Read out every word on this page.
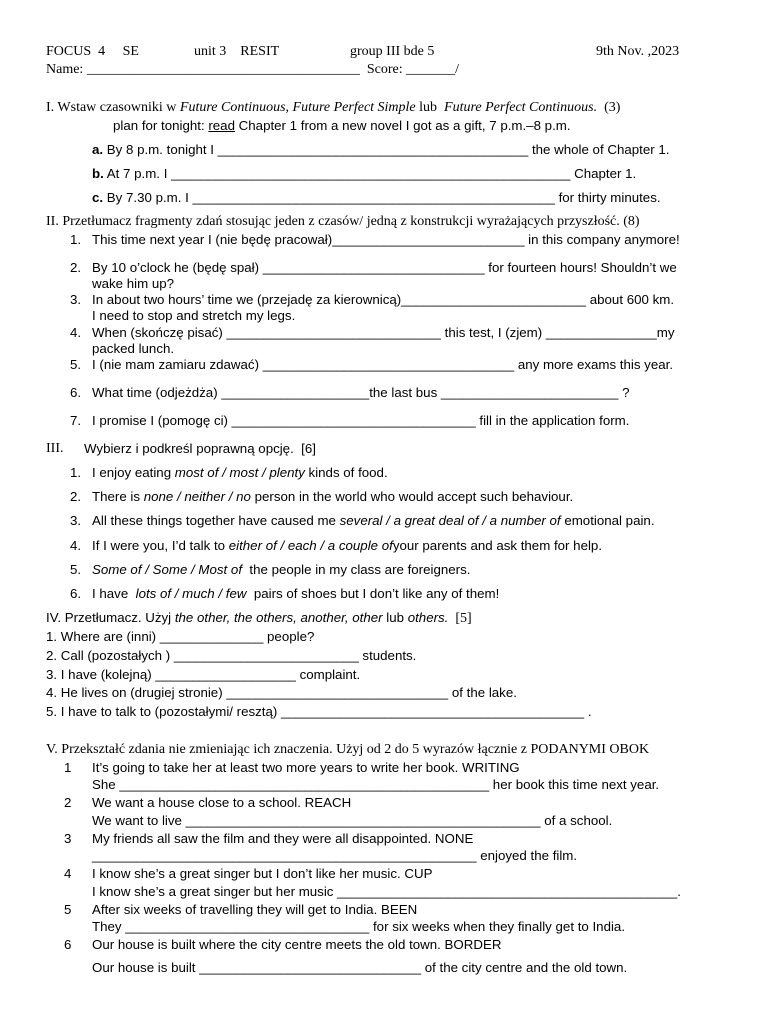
FOCUS  4     SE	unit 3    RESIT	group III bde 5	9th Nov. ,2023
Name: _______________________________________  Score: _______/
I. Wstaw czasowniki w Future Continuous, Future Perfect Simple lub  Future Perfect Continuous.  (3)
plan for tonight: read Chapter 1 from a new novel I got as a gift, 7 p.m.–8 p.m.
a. By 8 p.m. tonight I __________________________________________ the whole of Chapter 1.
b. At 7 p.m. I ______________________________________________________ Chapter 1.
c. By 7.30 p.m. I _________________________________________________ for thirty minutes.
II. Przetłumacz fragmenty zdań stosując jeden z czasów/ jedną z konstrukcji wyrażających przyszłość. (8)
1. This time next year I (nie będę pracował)__________________________ in this company anymore!
2. By 10 o’clock he (będę spał) ______________________________ for fourteen hours! Shouldn’t we
wake him up?
3. In about two hours’ time we (przejadę za kierownicą)_________________________ about 600 km.
I need to stop and stretch my legs.
4. When (skończę pisać) _____________________________ this test, I (zjem) _______________my
packed lunch.
5. I (nie mam zamiaru zdawać) __________________________________ any more exams this year.
6. What time (odjeżdża) ____________________the last bus ________________________ ?
7. I promise I (pomogę ci) _________________________________ fill in the application form.
III. Wybierz i podkreśl poprawną opcję.  [6]
1. I enjoy eating most of / most / plenty kinds of food.
2. There is none / neither / no person in the world who would accept such behaviour.
3. All these things together have caused me several / a great deal of / a number of emotional pain.
4. If I were you, I’d talk to either of / each / a couple ofyour parents and ask them for help.
5. Some of / Some / Most of  the people in my class are foreigners.
6. I have  lots of / much / few  pairs of shoes but I don’t like any of them!
IV. Przetłumacz. Użyj the other, the others, another, other lub others.  [5]
1. Where are (inni) ______________ people?
2. Call (pozostałych ) _________________________ students.
3. I have (kolejną) ___________________ complaint.
4. He lives on (drugiej stronie) ______________________________ of the lake.
5. I have to talk to (pozostałymi/ resztą) _________________________________________ .
V. Przekształć zdania nie zmieniając ich znaczenia. Użyj od 2 do 5 wyrazów łącznie z PODANYMI OBOK
1 It’s going to take her at least two more years to write her book. WRITING
She __________________________________________________ her book this time next year.
2 We want a house close to a school. REACH
We want to live ________________________________________________ of a school.
3 My friends all saw the film and they were all disappointed. NONE
____________________________________________________ enjoyed the film.
4 I know she’s a great singer but I don’t like her music. CUP
I know she’s a great singer but her music ______________________________________________.
5 After six weeks of travelling they will get to India. BEEN
They _________________________________ for six weeks when they finally get to India.
6 Our house is built where the city centre meets the old town. BORDER
Our house is built ______________________________ of the city centre and the old town.
